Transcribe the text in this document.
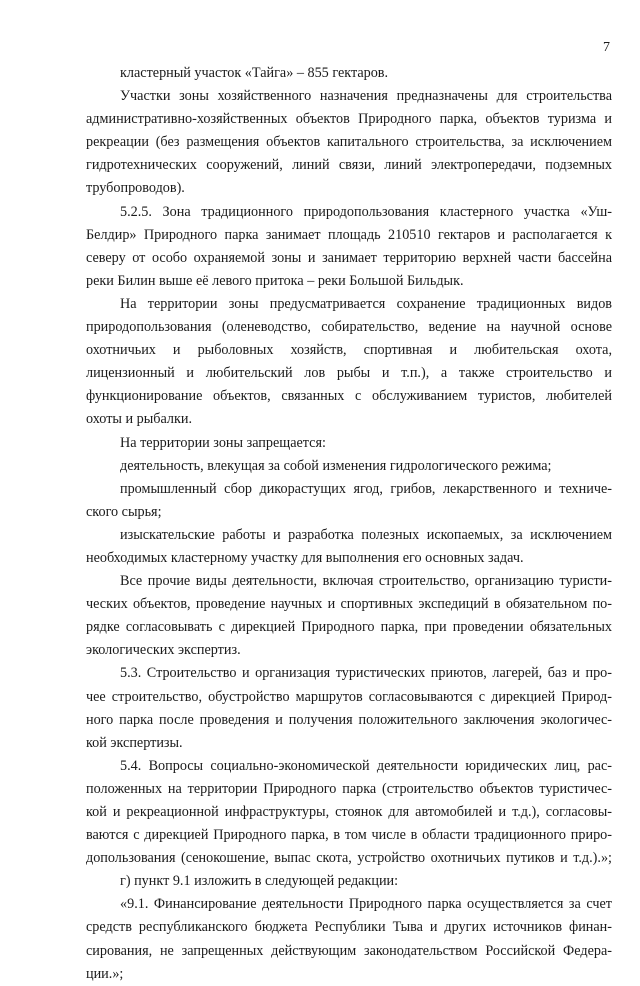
7
кластерный участок «Тайга» – 855 гектаров.
Участки зоны хозяйственного назначения предназначены для строительства
административно-хозяйственных объектов Природного парка, объектов туризма и
рекреации (без размещения объектов капитального строительства, за исключением
гидротехнических сооружений, линий связи, линий электропередачи, подземных
трубопроводов).
5.2.5. Зона традиционного природопользования кластерного участка «Уш-
Белдир» Природного парка занимает площадь 210510 гектаров и располагается к
северу от особо охраняемой зоны и занимает территорию верхней части бассейна
реки Билин выше её левого притока – реки Большой Бильдык.
На территории зоны предусматривается сохранение традиционных видов
природопользования (оленеводство, собирательство, ведение на научной основе
охотничьих и рыболовных хозяйств, спортивная и любительская охота,
лицензионный и любительский лов рыбы и т.п.), а также строительство и
функционирование объектов, связанных с обслуживанием туристов, любителей
охоты и рыбалки.
На территории зоны запрещается:
деятельность, влекущая за собой изменения гидрологического режима;
промышленный сбор дикорастущих ягод, грибов, лекарственного и техниче-
ского сырья;
изыскательские работы и разработка полезных ископаемых, за исключением
необходимых кластерному участку для выполнения его основных задач.
Все прочие виды деятельности, включая строительство, организацию туристи-
ческих объектов, проведение научных и спортивных экспедиций в обязательном по-
рядке согласовывать с дирекцией Природного парка, при проведении обязательных
экологических экспертиз.
5.3. Строительство и организация туристических приютов, лагерей, баз и про-
чее строительство, обустройство маршрутов согласовываются с дирекцией Природ-
ного парка после проведения и получения положительного заключения экологичес-
кой экспертизы.
5.4. Вопросы социально-экономической деятельности юридических лиц, рас-
положенных на территории Природного парка (строительство объектов туристичес-
кой и рекреационной инфраструктуры, стоянок для автомобилей и т.д.), согласовы-
ваются с дирекцией Природного парка, в том числе в области традиционного приро-
допользования (сенокошение, выпас скота, устройство охотничьих путиков и т.д.).»;
г) пункт 9.1 изложить в следующей редакции:
«9.1. Финансирование деятельности Природного парка осуществляется за счет
средств республиканского бюджета Республики Тыва и других источников финан-
сирования, не запрещенных действующим законодательством Российской Федера-
ции.»;
